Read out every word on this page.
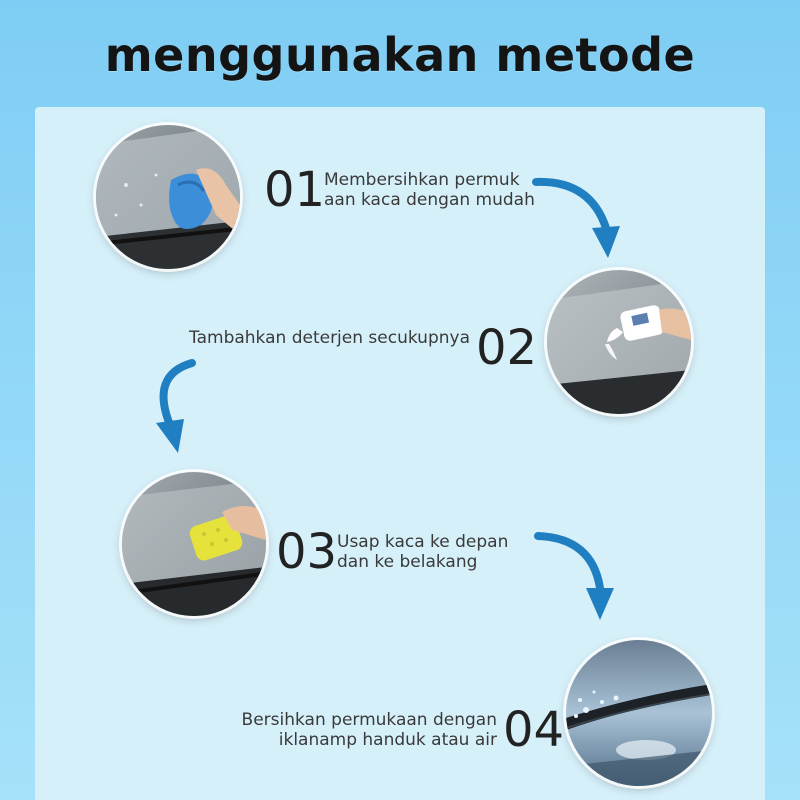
menggunakan metode
01
Membersihkan permuk
aan kaca dengan mudah
Tambahkan deterjen secukupnya 02
03 Usap kaca ke depan
dan ke belakang
Bersihkan permukaan dengan
iklanamp handuk atau air 04
